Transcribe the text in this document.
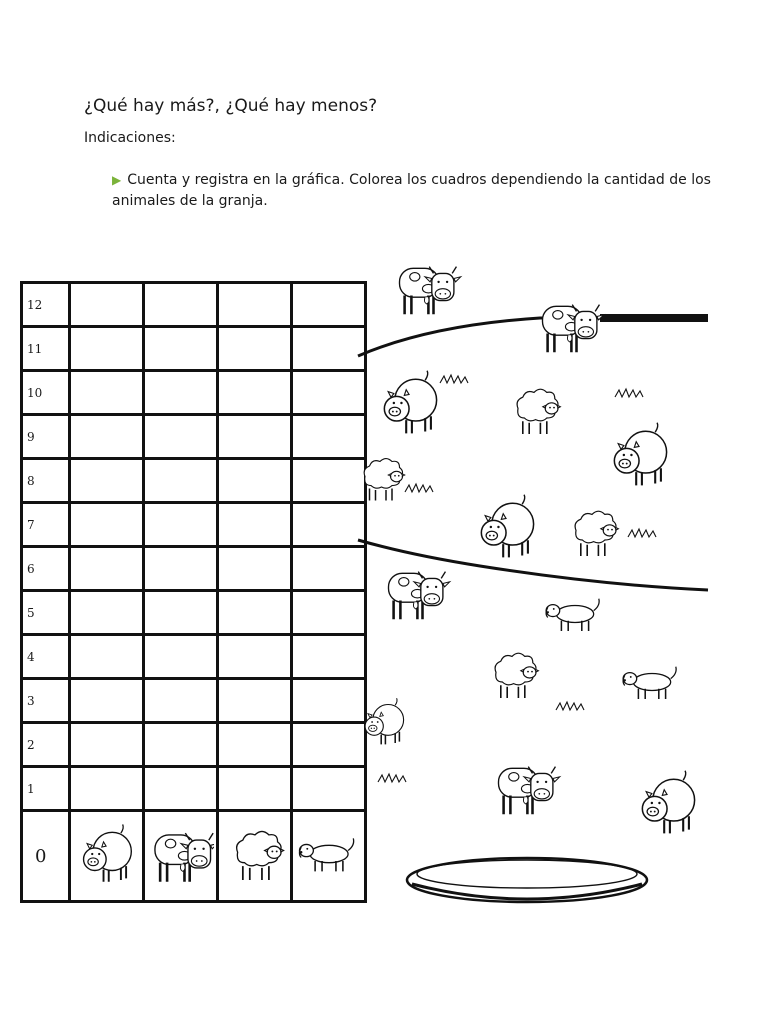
¿Qué hay más?, ¿Qué hay menos?
Indicaciones:
▶ Cuenta y registra en la gráfica. Colorea los cuadros dependiendo la cantidad de los animales de la granja.
12				
11				
10				
9				
8				
7				
6				
5				
4				
3				
2				
1				
0				
